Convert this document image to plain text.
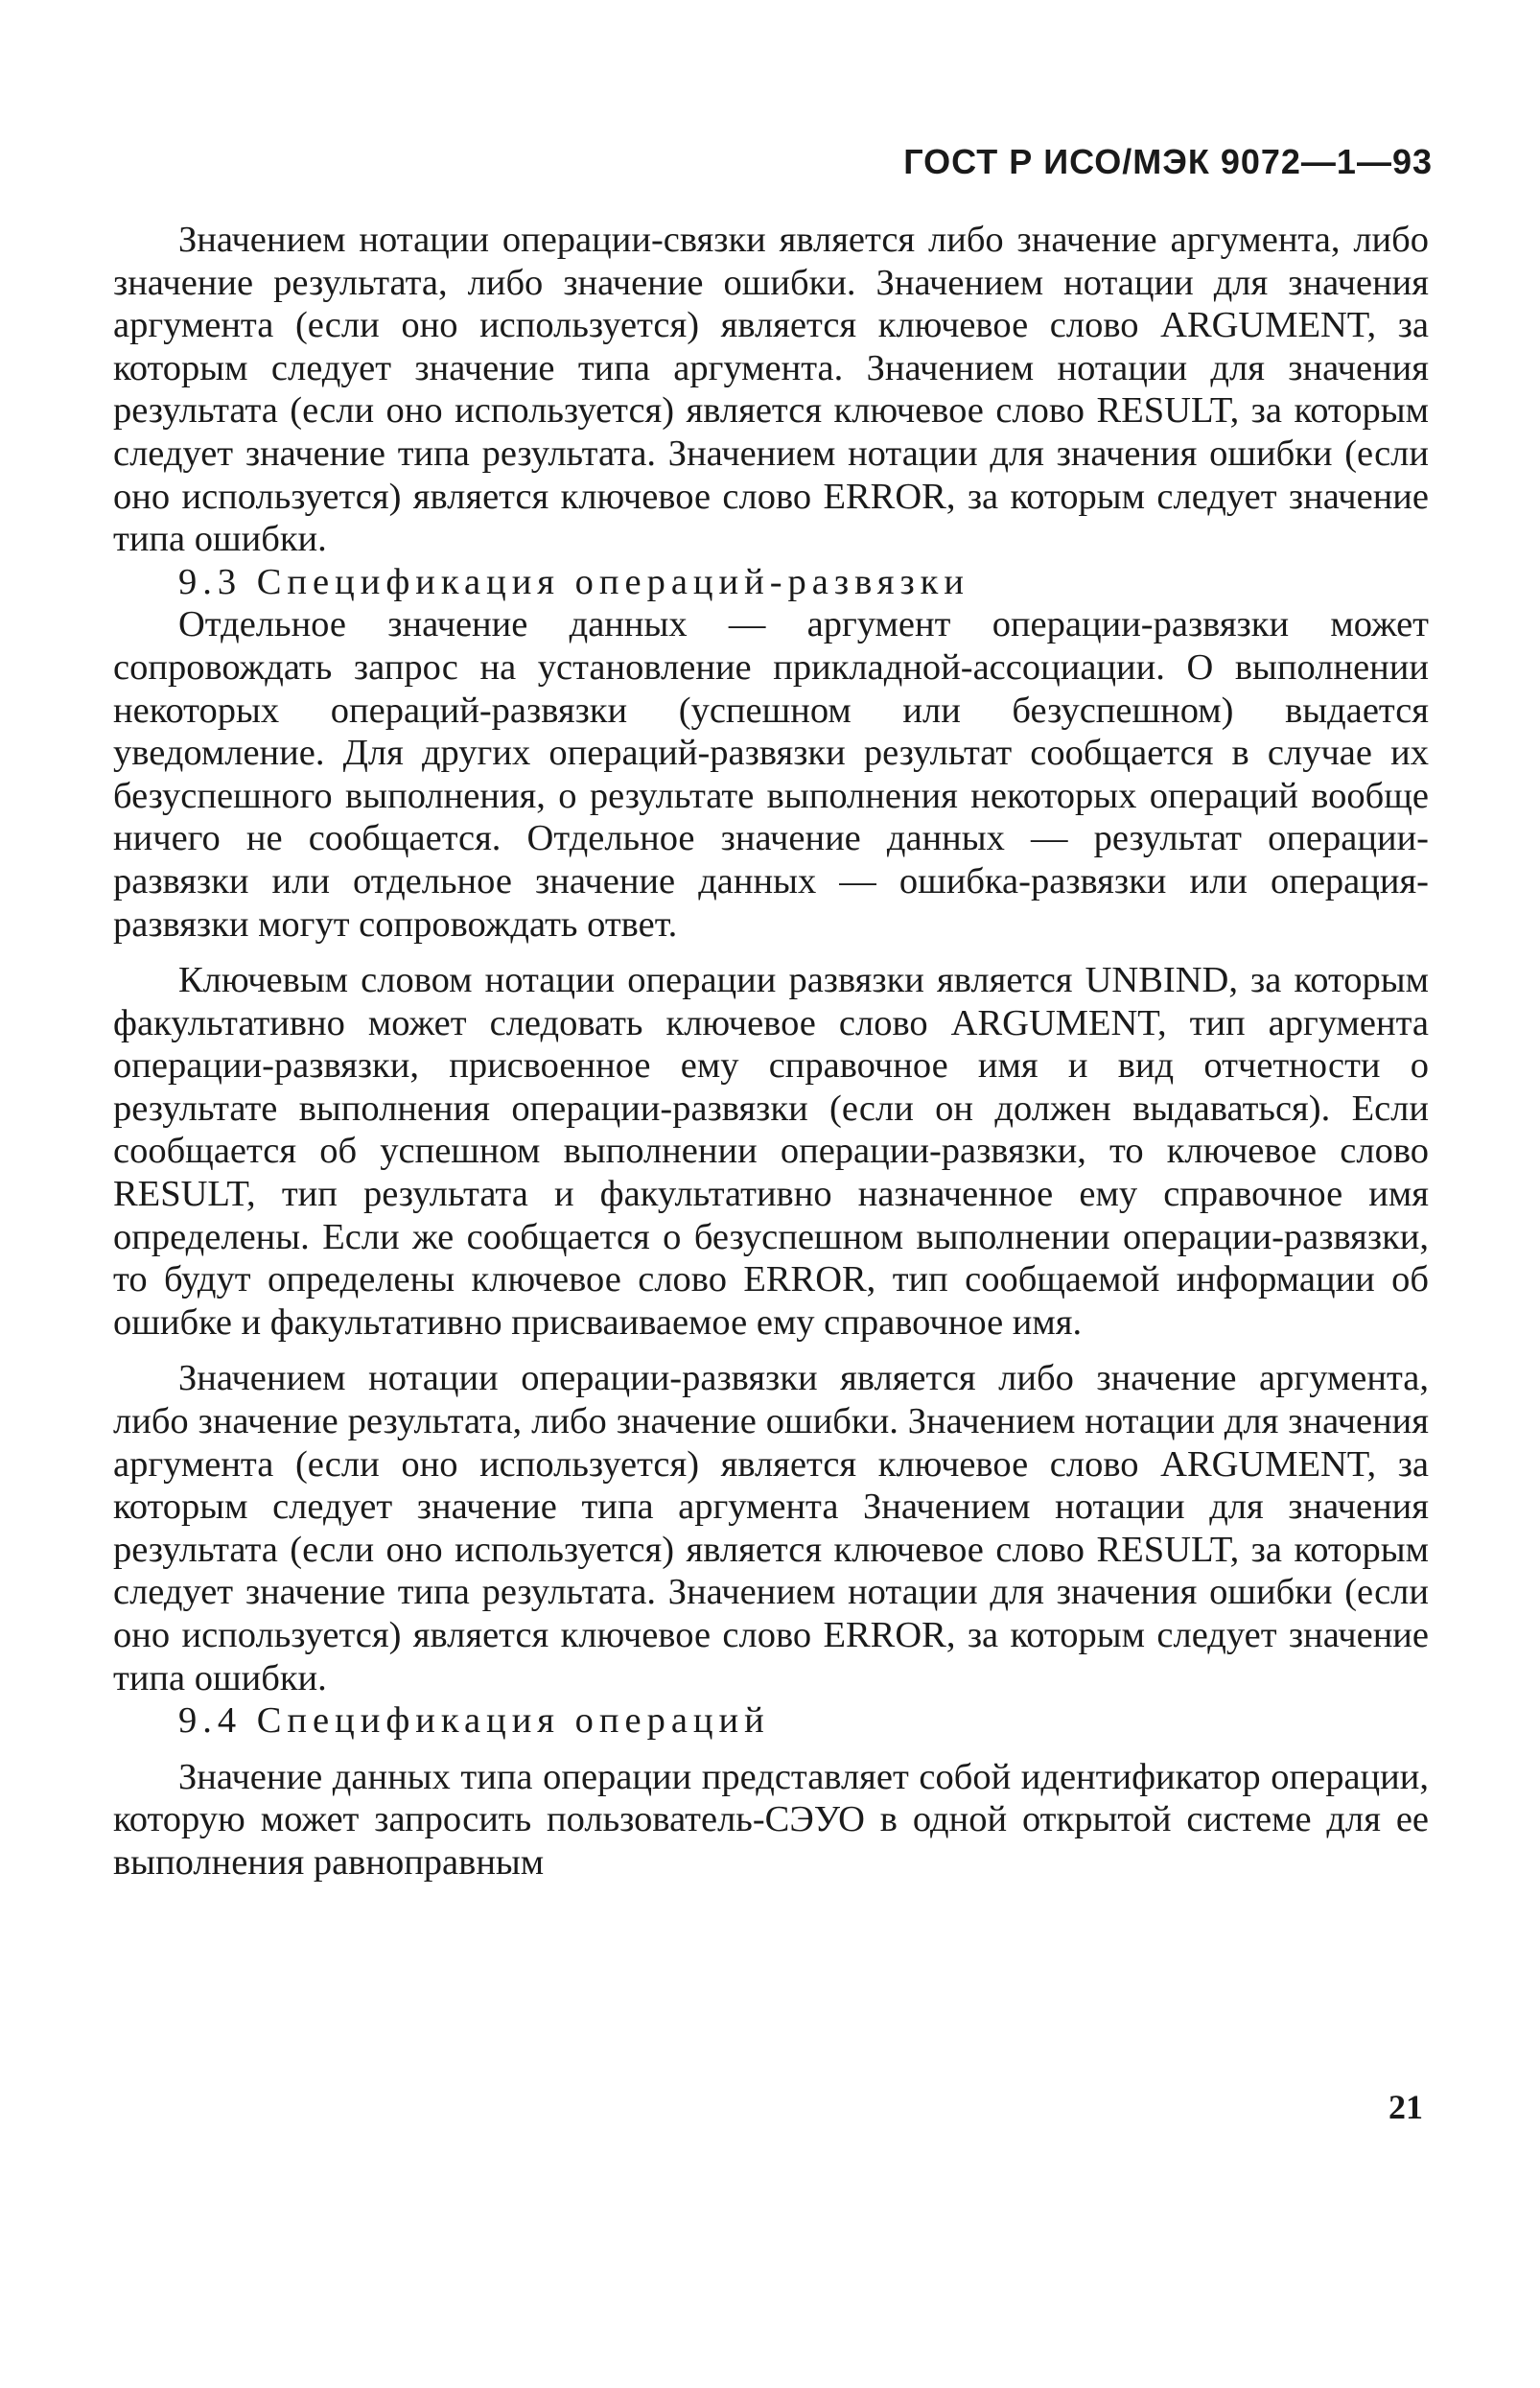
ГОСТ Р ИСО/МЭК 9072—1—93

Значением нотации операции-связки является либо значение аргумента, либо значение результата, либо значение ошибки. Значением нотации для значения аргумента (если оно используется) является ключевое слово ARGUMENT, за которым следует значение типа аргумента. Значением нотации для значения результата (если оно используется) является ключевое слово RESULT, за которым следует значение типа результата. Значением нотации для значения ошибки (если оно используется) является ключевое слово ERROR, за которым следует значение типа ошибки.

9.3 Спецификация операций-развязки

Отдельное значение данных — аргумент операции-развязки может сопровождать запрос на установление прикладной-ассоциации. О выполнении некоторых операций-развязки (успешном или безуспешном) выдается уведомление. Для других операций-развязки результат сообщается в случае их безуспешного выполнения, о результате выполнения некоторых операций вообще ничего не сообщается. Отдельное значение данных — результат операции-развязки или отдельное значение данных — ошибка-развязки или операция-развязки могут сопровождать ответ.

Ключевым словом нотации операции развязки является UNBIND, за которым факультативно может следовать ключевое слово ARGUMENT, тип аргумента операции-развязки, присвоенное ему справочное имя и вид отчетности о результате выполнения операции-развязки (если он должен выдаваться). Если сообщается об успешном выполнении операции-развязки, то ключевое слово RESULT, тип результата и факультативно назначенное ему справочное имя определены. Если же сообщается о безуспешном выполнении операции-развязки, то будут определены ключевое слово ERROR, тип сообщаемой информации об ошибке и факультативно присваиваемое ему справочное имя.

Значением нотации операции-развязки является либо значение аргумента, либо значение результата, либо значение ошибки. Значением нотации для значения аргумента (если оно используется) является ключевое слово ARGUMENT, за которым следует значение типа аргумента Значением нотации для значения результата (если оно используется) является ключевое слово RESULT, за которым следует значение типа результата. Значением нотации для значения ошибки (если оно используется) является ключевое слово ERROR, за которым следует значение типа ошибки.

9.4 Спецификация операций

Значение данных типа операции представляет собой идентификатор операции, которую может запросить пользователь-СЭУО в одной открытой системе для ее выполнения равноправным

21
